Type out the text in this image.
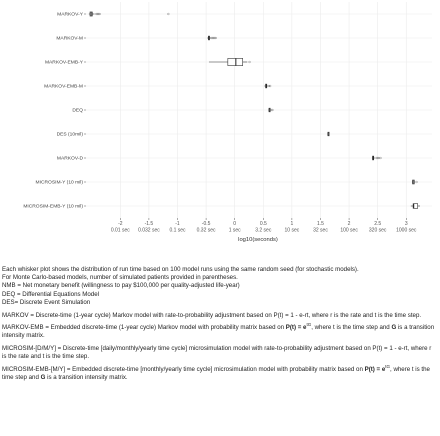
MARKOV-Y
MARKOV-M
MARKOV-EMB-Y
MARKOV-EMB-M
DEQ
DES (10mil)
MARKOV-D
MICROSIM-Y (10 mil)
MICROSIM-EMB-Y (10 mil)
-2
0.01 sec
-1.5
0.032 sec
-1
0.1 sec
-0.5
0.32 sec
0
1 sec
0.5
3.2 sec
1
10 sec
1.5
32 sec
2
100 sec
2.5
320 sec
3
1000 sec
log10(seconds)

Each whisker plot shows the distribution of run time based on 100 model runs using the same random seed (for stochastic models).

For Monte Carlo-based models, number of simulated patients provided in parentheses.

NMB = Net monetary benefit (willingness to pay $100,000 per quality-adjusted life-year)

DEQ = Differential Equations Model

DES= Discrete Event Simulation

MARKOV = Discrete-time (1-year cycle) Markov model with rate-to-probability adjustment based on P(t) = 1 - e-rt, where r is the rate and t is the time step.

MARKOV-EMB = Embedded discrete-time (1-year cycle) Markov model with probability matrix based on $P(t) = e^{tG}$, where t is the time step and G is a transition intensity matrix.

MICROSIM-[D/M/Y] = Discrete-time [daily/monthly/yearly time cycle] microsimulation model with rate-to-probability adjustment based on P(t) = 1 - e-rt, where r is the rate and t is the time step.

MICROSIM-EMB-[M/Y] = Embedded discrete-time [monthly/yearly time cycle] microsimulation model with probability matrix based on $P(t) = e^{tG}$, where t is the time step and G is a transition intensity matrix.
